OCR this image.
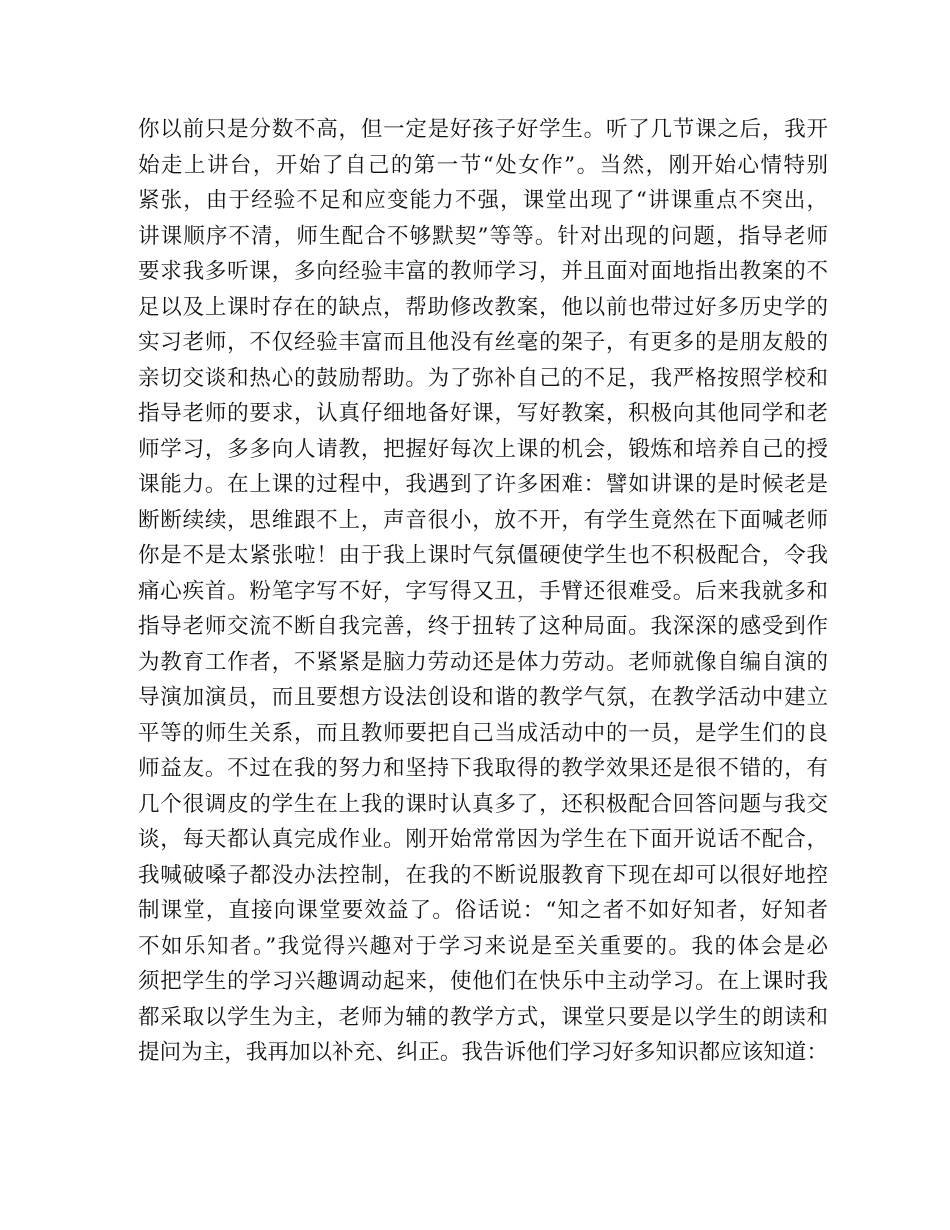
你以前只是分数不高，但一定是好孩子好学生。听了几节课之后，我开
始走上讲台，开始了自己的第一节“处女作”。当然，刚开始心情特别
紧张，由于经验不足和应变能力不强，课堂出现了“讲课重点不突出，
讲课顺序不清，师生配合不够默契”等等。针对出现的问题，指导老师
要求我多听课，多向经验丰富的教师学习，并且面对面地指出教案的不
足以及上课时存在的缺点，帮助修改教案，他以前也带过好多历史学的
实习老师，不仅经验丰富而且他没有丝毫的架子，有更多的是朋友般的
亲切交谈和热心的鼓励帮助。为了弥补自己的不足，我严格按照学校和
指导老师的要求，认真仔细地备好课，写好教案，积极向其他同学和老
师学习，多多向人请教，把握好每次上课的机会，锻炼和培养自己的授
课能力。在上课的过程中，我遇到了许多困难：譬如讲课的是时候老是
断断续续，思维跟不上，声音很小，放不开，有学生竟然在下面喊老师
你是不是太紧张啦！由于我上课时气氛僵硬使学生也不积极配合，令我
痛心疾首。粉笔字写不好，字写得又丑，手臂还很难受。后来我就多和
指导老师交流不断自我完善，终于扭转了这种局面。我深深的感受到作
为教育工作者，不紧紧是脑力劳动还是体力劳动。老师就像自编自演的
导演加演员，而且要想方设法创设和谐的教学气氛，在教学活动中建立
平等的师生关系，而且教师要把自己当成活动中的一员，是学生们的良
师益友。不过在我的努力和坚持下我取得的教学效果还是很不错的，有
几个很调皮的学生在上我的课时认真多了，还积极配合回答问题与我交
谈，每天都认真完成作业。刚开始常常因为学生在下面开说话不配合，
我喊破嗓子都没办法控制，在我的不断说服教育下现在却可以很好地控
制课堂，直接向课堂要效益了。俗话说：“知之者不如好知者，好知者
不如乐知者。”我觉得兴趣对于学习来说是至关重要的。我的体会是必
须把学生的学习兴趣调动起来，使他们在快乐中主动学习。在上课时我
都采取以学生为主，老师为辅的教学方式，课堂只要是以学生的朗读和
提问为主，我再加以补充、纠正。我告诉他们学习好多知识都应该知道：
